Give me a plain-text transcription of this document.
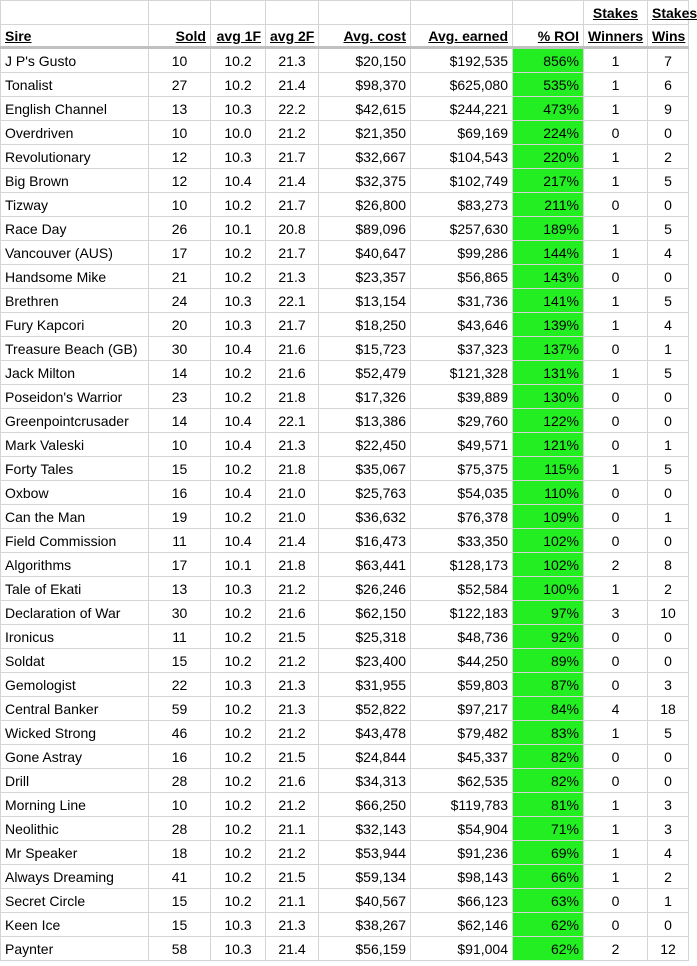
							Stakes	Stakes
Sire	Sold	avg 1F	avg 2F	Avg. cost	Avg. earned	% ROI	Winners	Wins
J P's Gusto	10	10.2	21.3	$20,150	$192,535	856%	1	7
Tonalist	27	10.2	21.4	$98,370	$625,080	535%	1	6
English Channel	13	10.3	22.2	$42,615	$244,221	473%	1	9
Overdriven	10	10.0	21.2	$21,350	$69,169	224%	0	0
Revolutionary	12	10.3	21.7	$32,667	$104,543	220%	1	2
Big Brown	12	10.4	21.4	$32,375	$102,749	217%	1	5
Tizway	10	10.2	21.7	$26,800	$83,273	211%	0	0
Race Day	26	10.1	20.8	$89,096	$257,630	189%	1	5
Vancouver (AUS)	17	10.2	21.7	$40,647	$99,286	144%	1	4
Handsome Mike	21	10.2	21.3	$23,357	$56,865	143%	0	0
Brethren	24	10.3	22.1	$13,154	$31,736	141%	1	5
Fury Kapcori	20	10.3	21.7	$18,250	$43,646	139%	1	4
Treasure Beach (GB)	30	10.4	21.6	$15,723	$37,323	137%	0	1
Jack Milton	14	10.2	21.6	$52,479	$121,328	131%	1	5
Poseidon's Warrior	23	10.2	21.8	$17,326	$39,889	130%	0	0
Greenpointcrusader	14	10.4	22.1	$13,386	$29,760	122%	0	0
Mark Valeski	10	10.4	21.3	$22,450	$49,571	121%	0	1
Forty Tales	15	10.2	21.8	$35,067	$75,375	115%	1	5
Oxbow	16	10.4	21.0	$25,763	$54,035	110%	0	0
Can the Man	19	10.2	21.0	$36,632	$76,378	109%	0	1
Field Commission	11	10.4	21.4	$16,473	$33,350	102%	0	0
Algorithms	17	10.1	21.8	$63,441	$128,173	102%	2	8
Tale of Ekati	13	10.3	21.2	$26,246	$52,584	100%	1	2
Declaration of War	30	10.2	21.6	$62,150	$122,183	97%	3	10
Ironicus	11	10.2	21.5	$25,318	$48,736	92%	0	0
Soldat	15	10.2	21.2	$23,400	$44,250	89%	0	0
Gemologist	22	10.3	21.3	$31,955	$59,803	87%	0	3
Central Banker	59	10.2	21.3	$52,822	$97,217	84%	4	18
Wicked Strong	46	10.2	21.2	$43,478	$79,482	83%	1	5
Gone Astray	16	10.2	21.5	$24,844	$45,337	82%	0	0
Drill	28	10.2	21.6	$34,313	$62,535	82%	0	0
Morning Line	10	10.2	21.2	$66,250	$119,783	81%	1	3
Neolithic	28	10.2	21.1	$32,143	$54,904	71%	1	3
Mr Speaker	18	10.2	21.2	$53,944	$91,236	69%	1	4
Always Dreaming	41	10.2	21.5	$59,134	$98,143	66%	1	2
Secret Circle	15	10.2	21.1	$40,567	$66,123	63%	0	1
Keen Ice	15	10.3	21.3	$38,267	$62,146	62%	0	0
Paynter	58	10.3	21.4	$56,159	$91,004	62%	2	12
